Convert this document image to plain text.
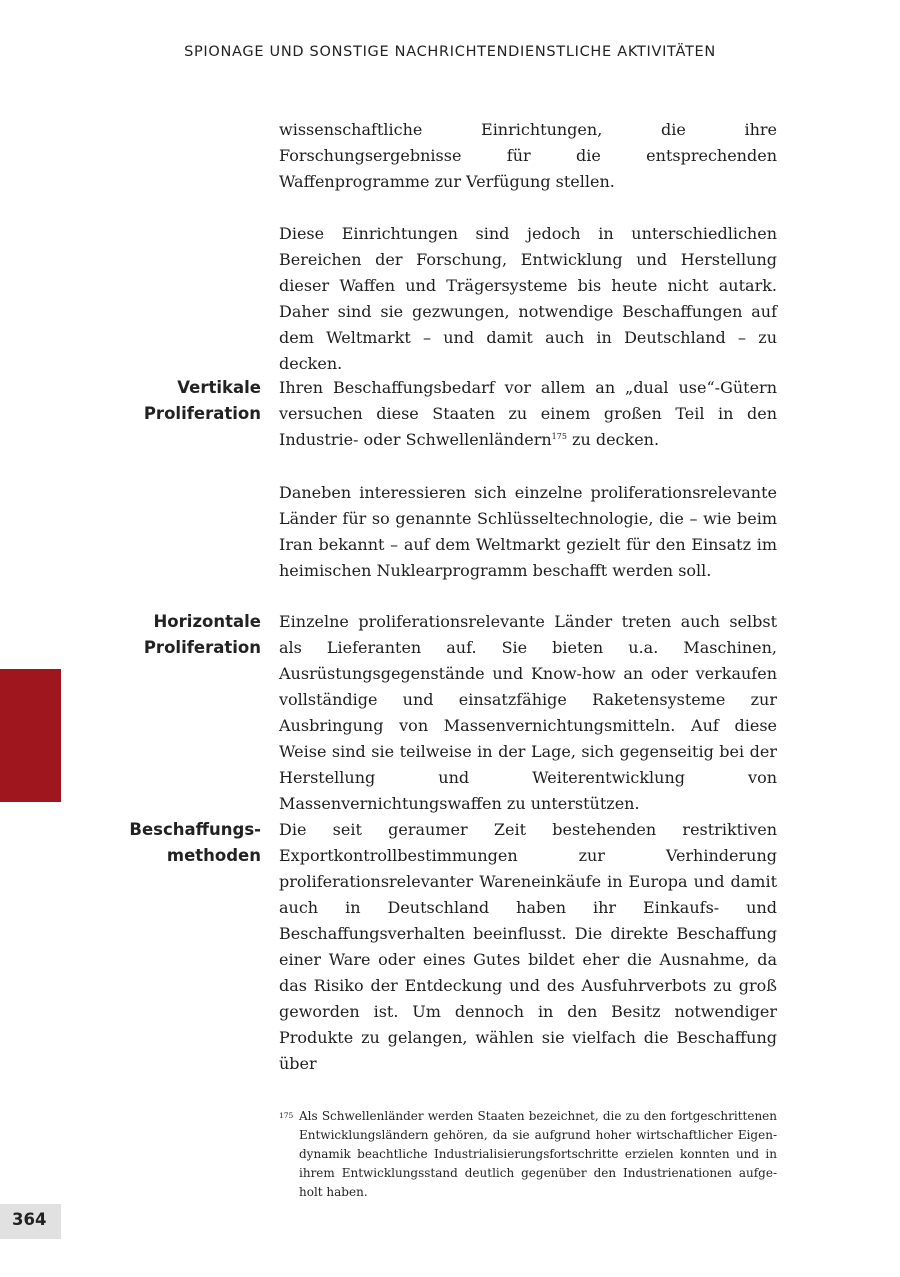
SPIONAGE UND SONSTIGE NACHRICHTENDIENSTLICHE AKTIVITÄTEN
wissenschaftliche Einrichtungen, die ihre Forschungsergebnisse für die entsprechenden Waffenprogramme zur Verfügung stellen.
Diese Einrichtungen sind jedoch in unterschiedlichen Bereichen der Forschung, Entwicklung und Herstellung dieser Waffen und Trägersysteme bis heute nicht autark. Daher sind sie gezwungen, notwendige Beschaffungen auf dem Weltmarkt – und damit auch in Deutschland – zu decken.
Vertikale
Proliferation
Ihren Beschaffungsbedarf vor allem an „dual use“-Gütern versuchen diese Staaten zu einem großen Teil in den Industrie- oder Schwellenländern$^{175}$ zu decken.
Daneben interessieren sich einzelne proliferationsrelevante Länder für so genannte Schlüsseltechnologie, die – wie beim Iran bekannt – auf dem Weltmarkt gezielt für den Einsatz im heimischen Nuklearprogramm beschafft werden soll.
Horizontale
Proliferation
Einzelne proliferationsrelevante Länder treten auch selbst als Lieferanten auf. Sie bieten u.a. Maschinen, Ausrüstungsgegenstände und Know-how an oder verkaufen vollständige und einsatzfähige Raketensysteme zur Ausbringung von Massenvernichtungsmitteln. Auf diese Weise sind sie teilweise in der Lage, sich gegenseitig bei der Herstellung und Weiterentwicklung von Massenvernichtungswaffen zu unterstützen.
Beschaffungs-
methoden
Die seit geraumer Zeit bestehenden restriktiven Exportkontrollbestimmungen zur Verhinderung proliferationsrelevanter Wareneinkäufe in Europa und damit auch in Deutschland haben ihr Einkaufs- und Beschaffungsverhalten beeinflusst. Die direkte Beschaffung einer Ware oder eines Gutes bildet eher die Ausnahme, da das Risiko der Entdeckung und des Ausfuhrverbots zu groß geworden ist. Um dennoch in den Besitz notwendiger Produkte zu gelangen, wählen sie vielfach die Beschaffung über
175 Als Schwellenländer werden Staaten bezeichnet, die zu den fortgeschrittenen Entwicklungsländern gehören, da sie aufgrund hoher wirtschaftlicher Eigendynamik beachtliche Industrialisierungsfortschritte erzielen konnten und in ihrem Entwicklungsstand deutlich gegenüber den Industrienationen aufgeholt haben.
364
